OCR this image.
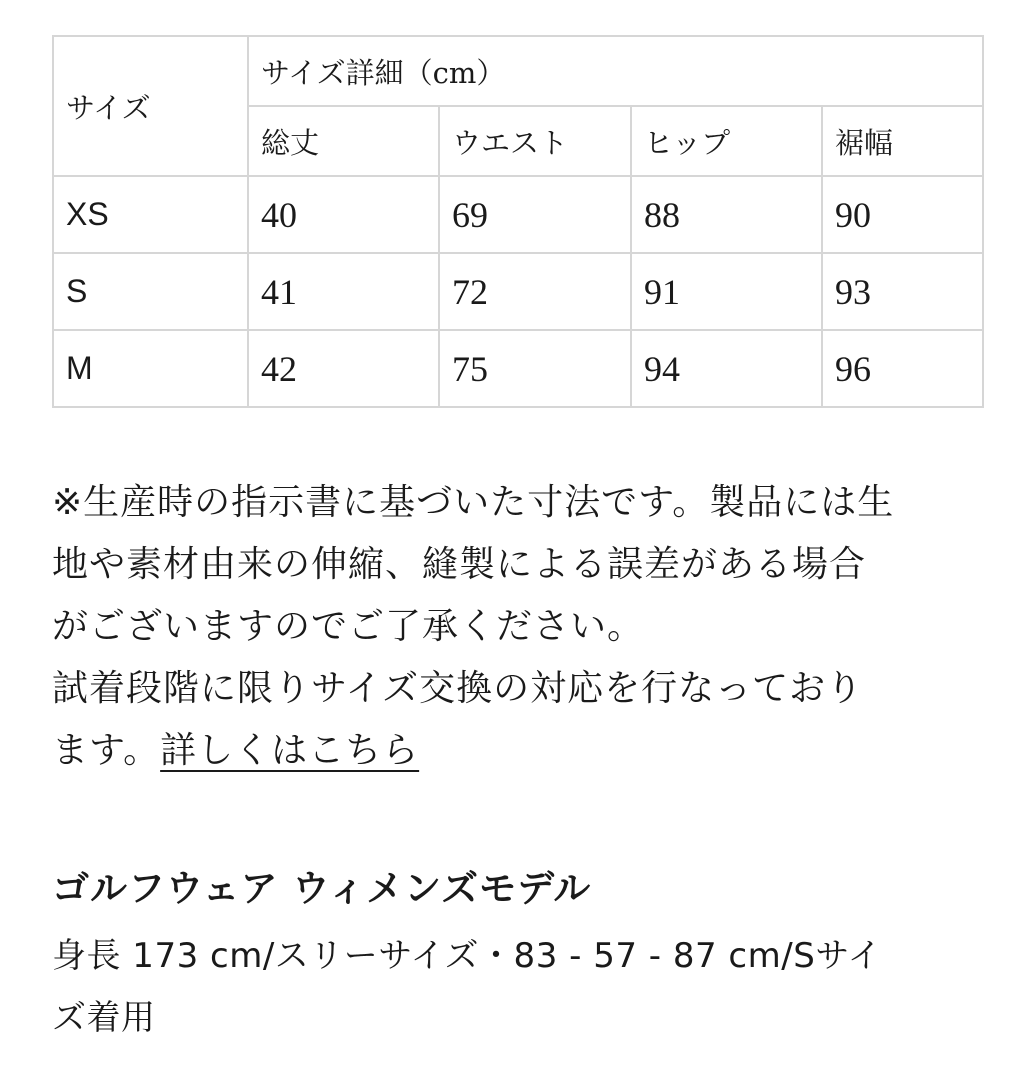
サイズ	サイズ詳細（cm）			
	総丈	ウエスト	ヒップ	裾幅
XS	40	69	88	90
S	41	72	91	93
M	42	75	94	96
※生産時の指示書に基づいた寸法です。製品には生
地や素材由来の伸縮、縫製による誤差がある場合
がございますのでご了承ください。
試着段階に限りサイズ交換の対応を行なっており
ます。詳しくはこちら
ゴルフウェア ウィメンズモデル
身長 173 cm/スリーサイズ・83 - 57 - 87 cm/Sサイ
ズ着用
